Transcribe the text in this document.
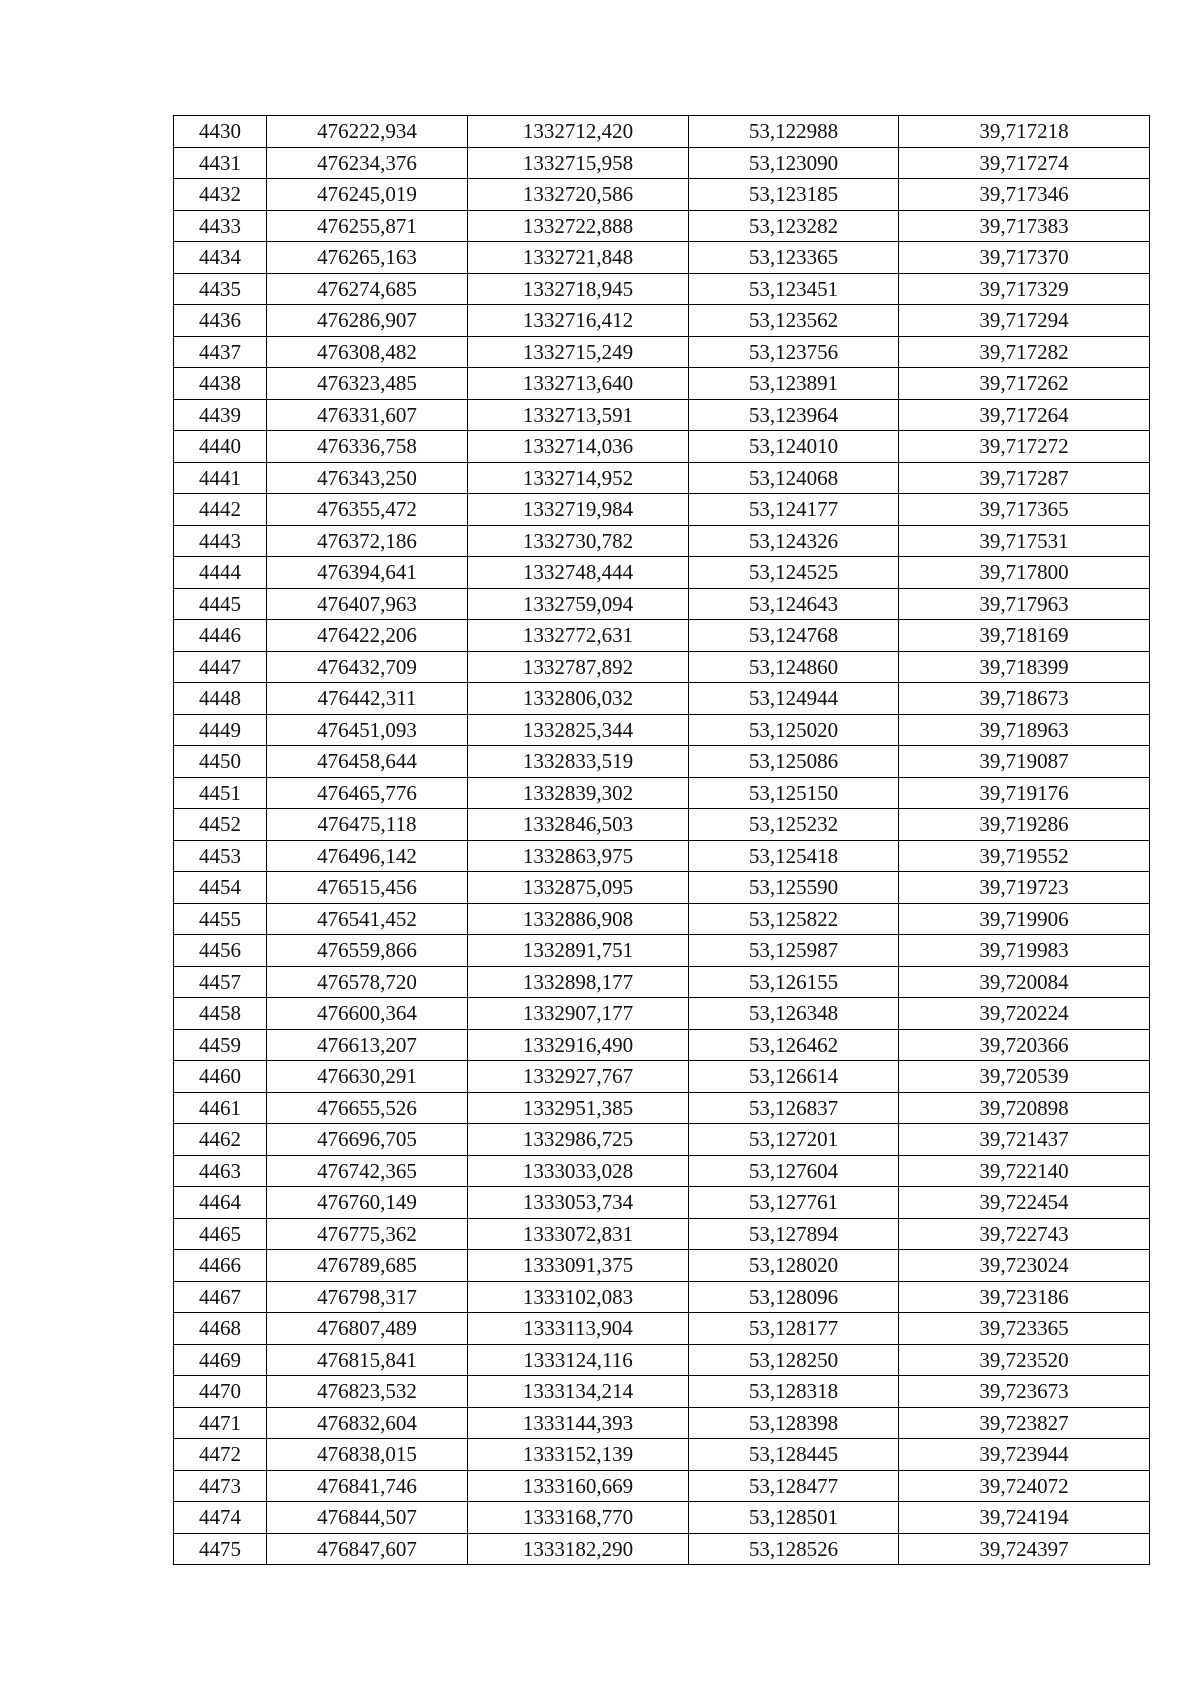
4430	476222,934	1332712,420	53,122988	39,717218
4431	476234,376	1332715,958	53,123090	39,717274
4432	476245,019	1332720,586	53,123185	39,717346
4433	476255,871	1332722,888	53,123282	39,717383
4434	476265,163	1332721,848	53,123365	39,717370
4435	476274,685	1332718,945	53,123451	39,717329
4436	476286,907	1332716,412	53,123562	39,717294
4437	476308,482	1332715,249	53,123756	39,717282
4438	476323,485	1332713,640	53,123891	39,717262
4439	476331,607	1332713,591	53,123964	39,717264
4440	476336,758	1332714,036	53,124010	39,717272
4441	476343,250	1332714,952	53,124068	39,717287
4442	476355,472	1332719,984	53,124177	39,717365
4443	476372,186	1332730,782	53,124326	39,717531
4444	476394,641	1332748,444	53,124525	39,717800
4445	476407,963	1332759,094	53,124643	39,717963
4446	476422,206	1332772,631	53,124768	39,718169
4447	476432,709	1332787,892	53,124860	39,718399
4448	476442,311	1332806,032	53,124944	39,718673
4449	476451,093	1332825,344	53,125020	39,718963
4450	476458,644	1332833,519	53,125086	39,719087
4451	476465,776	1332839,302	53,125150	39,719176
4452	476475,118	1332846,503	53,125232	39,719286
4453	476496,142	1332863,975	53,125418	39,719552
4454	476515,456	1332875,095	53,125590	39,719723
4455	476541,452	1332886,908	53,125822	39,719906
4456	476559,866	1332891,751	53,125987	39,719983
4457	476578,720	1332898,177	53,126155	39,720084
4458	476600,364	1332907,177	53,126348	39,720224
4459	476613,207	1332916,490	53,126462	39,720366
4460	476630,291	1332927,767	53,126614	39,720539
4461	476655,526	1332951,385	53,126837	39,720898
4462	476696,705	1332986,725	53,127201	39,721437
4463	476742,365	1333033,028	53,127604	39,722140
4464	476760,149	1333053,734	53,127761	39,722454
4465	476775,362	1333072,831	53,127894	39,722743
4466	476789,685	1333091,375	53,128020	39,723024
4467	476798,317	1333102,083	53,128096	39,723186
4468	476807,489	1333113,904	53,128177	39,723365
4469	476815,841	1333124,116	53,128250	39,723520
4470	476823,532	1333134,214	53,128318	39,723673
4471	476832,604	1333144,393	53,128398	39,723827
4472	476838,015	1333152,139	53,128445	39,723944
4473	476841,746	1333160,669	53,128477	39,724072
4474	476844,507	1333168,770	53,128501	39,724194
4475	476847,607	1333182,290	53,128526	39,724397
